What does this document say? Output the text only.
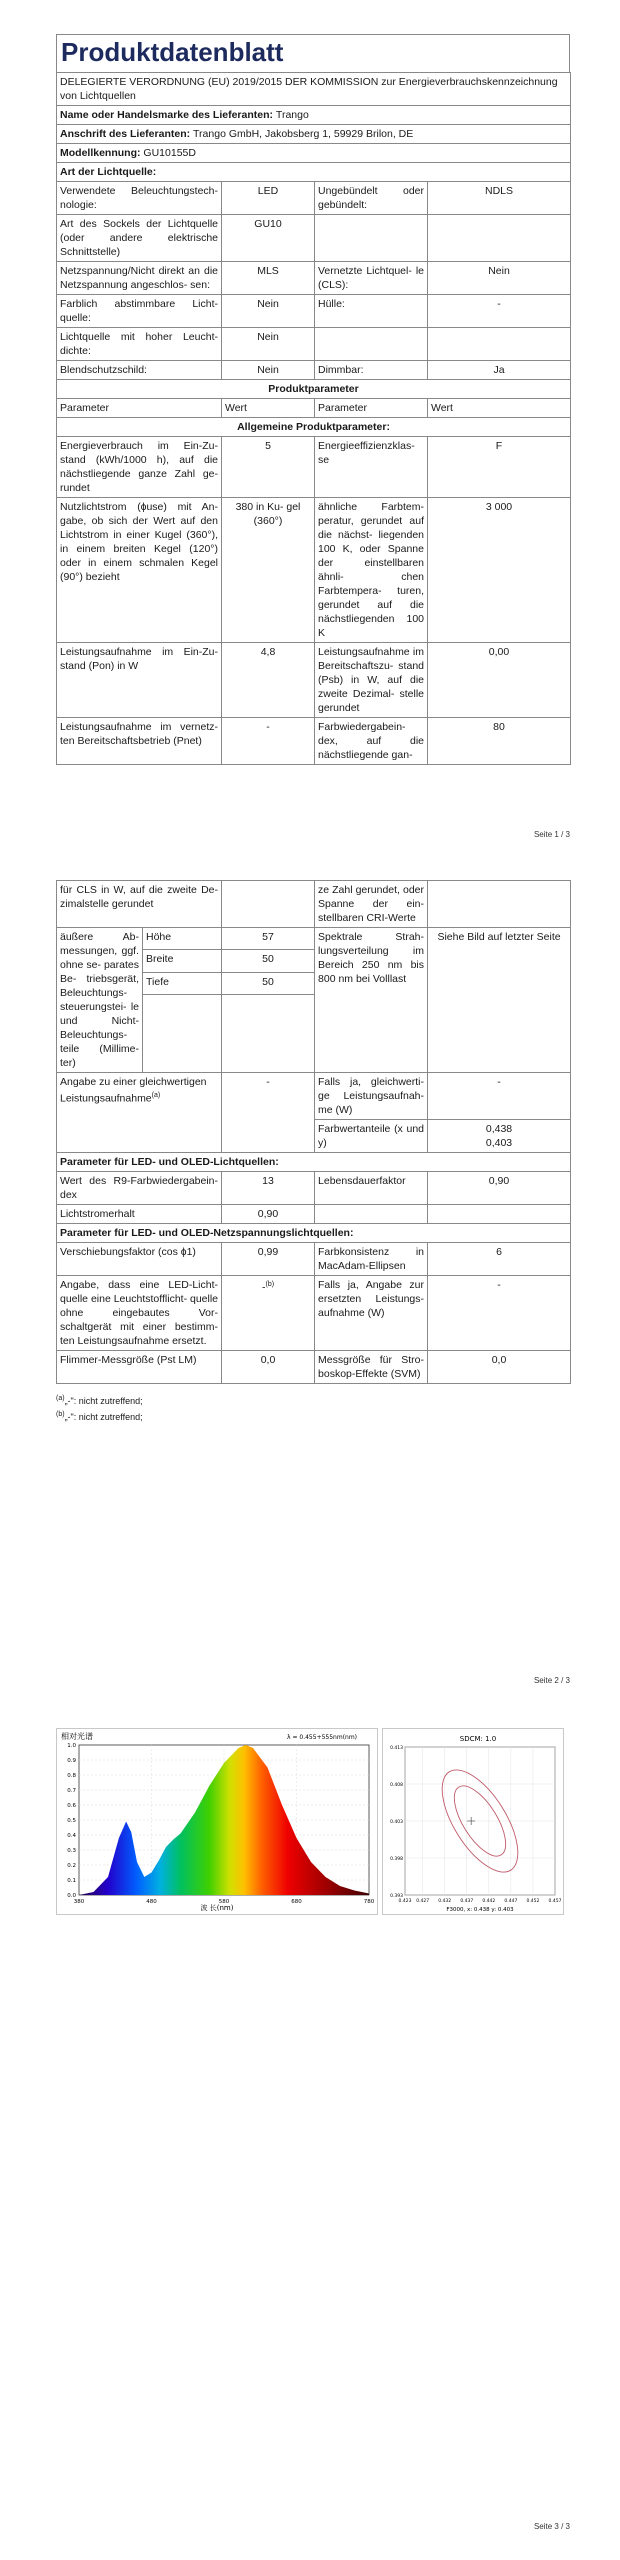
Produktdatenblatt
DELEGIERTE VERORDNUNG (EU) 2019/2015 DER KOMMISSION zur Energieverbrauchskennzeichnung von Lichtquellen			
Name oder Handelsmarke des Lieferanten: Trango			
Anschrift des Lieferanten: Trango GmbH, Jakobsberg 1, 59929 Brilon, DE			
Modellkennung: GU10155D			
Art der Lichtquelle:			
Verwendete Beleuchtungstech- nologie:	LED	Ungebündelt oder gebündelt:	NDLS
Art des Sockels der Lichtquelle (oder andere elektrische Schnittstelle)	GU10		
Netzspannung/Nicht direkt an die Netzspannung angeschlos- sen:	MLS	Vernetzte Lichtquel- le (CLS):	Nein
Farblich abstimmbare Licht- quelle:	Nein	Hülle:	-
Lichtquelle mit hoher Leucht- dichte:	Nein		
Blendschutzschild:	Nein	Dimmbar:	Ja
Produktparameter			
Parameter	Wert	Parameter	Wert
Allgemeine Produktparameter:			
Energieverbrauch im Ein-Zu- stand (kWh/1000 h), auf die nächstliegende ganze Zahl ge- rundet	5	Energieeffizienzklas- se	F
Nutzlichtstrom (ɸuse) mit An- gabe, ob sich der Wert auf den Lichtstrom in einer Kugel (360°), in einem breiten Kegel (120°) oder in einem schmalen Kegel (90°) bezieht	380 in Ku- gel (360°)	ähnliche Farbtem- peratur, gerundet auf die nächst- liegenden 100 K, oder Spanne der einstellbaren ähnli- chen Farbtempera- turen, gerundet auf die nächstliegenden 100 K	3 000
Leistungsaufnahme im Ein-Zu- stand (Pon) in W	4,8	Leistungsaufnahme im Bereitschaftszu- stand (Psb) in W, auf die zweite Dezimal- stelle gerundet	0,00
Leistungsaufnahme im vernetz- ten Bereitschaftsbetrieb (Pnet)	-	Farbwiedergabein- dex, auf die nächstliegende gan-	80
Seite 1 / 3
für CLS in W, auf die zweite De- zimalstelle gerundet			ze Zahl gerundet, oder Spanne der ein- stellbaren CRI-Werte	
äußere Ab- messungen, ggf. ohne se- parates Be- triebsgerät, Beleuchtungs- steuerungstei- le und Nicht- Beleuchtungs- teile (Millime- ter)	Höhe	57	Spektrale Strah- lungsverteilung im Bereich 250 nm bis 800 nm bei Volllast	Siehe Bild auf letzter Seite
	Breite	50		
	Tiefe	50		

Angabe zu einer gleichwertigen Leistungsaufnahme$^{(a)}$		-	Falls ja, gleichwerti- ge Leistungsaufnah- me (W)	-
			Farbwertanteile (x und y)	0,438
0,403

Parameter für LED- und OLED-Lichtquellen:				
Wert des R9-Farbwiedergabein- dex		13	Lebensdauerfaktor	0,90
Lichtstromerhalt		0,90		
Parameter für LED- und OLED-Netzspannungslichtquellen:				
Verschiebungsfaktor (cos ɸ1)		0,99	Farbkonsistenz in MacAdam-Ellipsen	6
Angabe, dass eine LED-Licht- quelle eine Leuchtstofflicht- quelle ohne eingebautes Vor- schaltgerät mit einer bestimm- ten Leistungsaufnahme ersetzt.		-$^{(b)}$	Falls ja, Angabe zur ersetzten Leistungs- aufnahme (W)	-
Flimmer-Messgröße (Pst LM)		0,0	Messgröße für Stro- boskop-Effekte (SVM)	0,0
$^{(a)}$„-": nicht zutreffend;
$^{(b)}$„-": nicht zutreffend;
Seite 2 / 3
相对光谱	λ = 0.455+555nm(nm)
1.0
0.9
0.8
0.7
0.6
0.5
0.4
0.3
0.2
0.1
0.0
380	480	580	680	780
波 长(nm)
SDCM: 1.0
0.413
0.408
0.403
0.398
0.393
0.423 0.427 0.432 0.437 0.442 0.447 0.452 0.457
F3000, x: 0.438 y: 0.403
Seite 3 / 3
